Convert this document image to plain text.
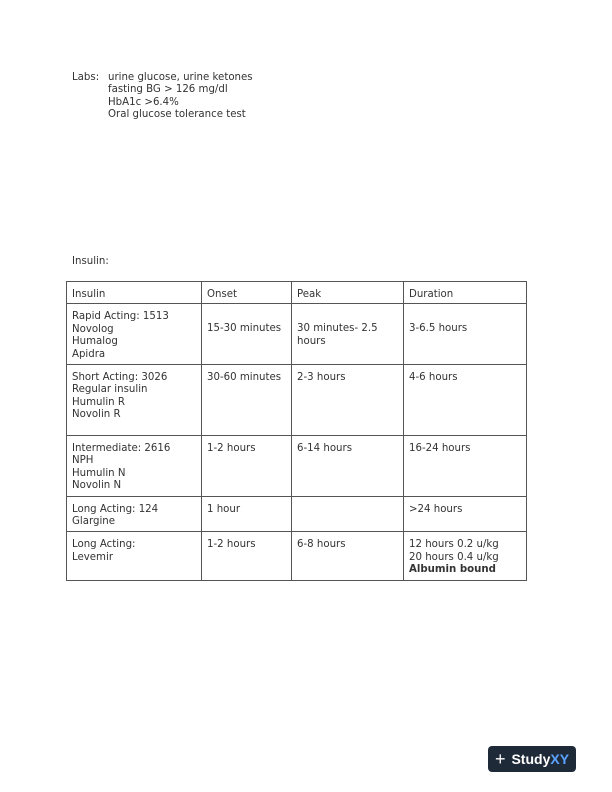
Labs: urine glucose, urine ketones
fasting BG > 126 mg/dl
HbA1c >6.4%
Oral glucose tolerance test
Insulin:
Insulin	Onset	Peak	Duration

Rapid Acting: 1513
Novolog
Humalog
Apidra	15-30 minutes	30 minutes- 2.5 hours	3-6.5 hours

Short Acting: 3026
Regular insulin
Humulin R
Novolin R	30-60 minutes	2-3 hours	4-6 hours

Intermediate: 2616
NPH
Humulin N
Novolin N	1-2 hours	6-14 hours	16-24 hours

Long Acting: 124
Glargine	1 hour		>24 hours

Long Acting:
Levemir	1-2 hours	6-8 hours	12 hours 0.2 u/kg
20 hours 0.4 u/kg
Albumin bound
+ StudyXY
